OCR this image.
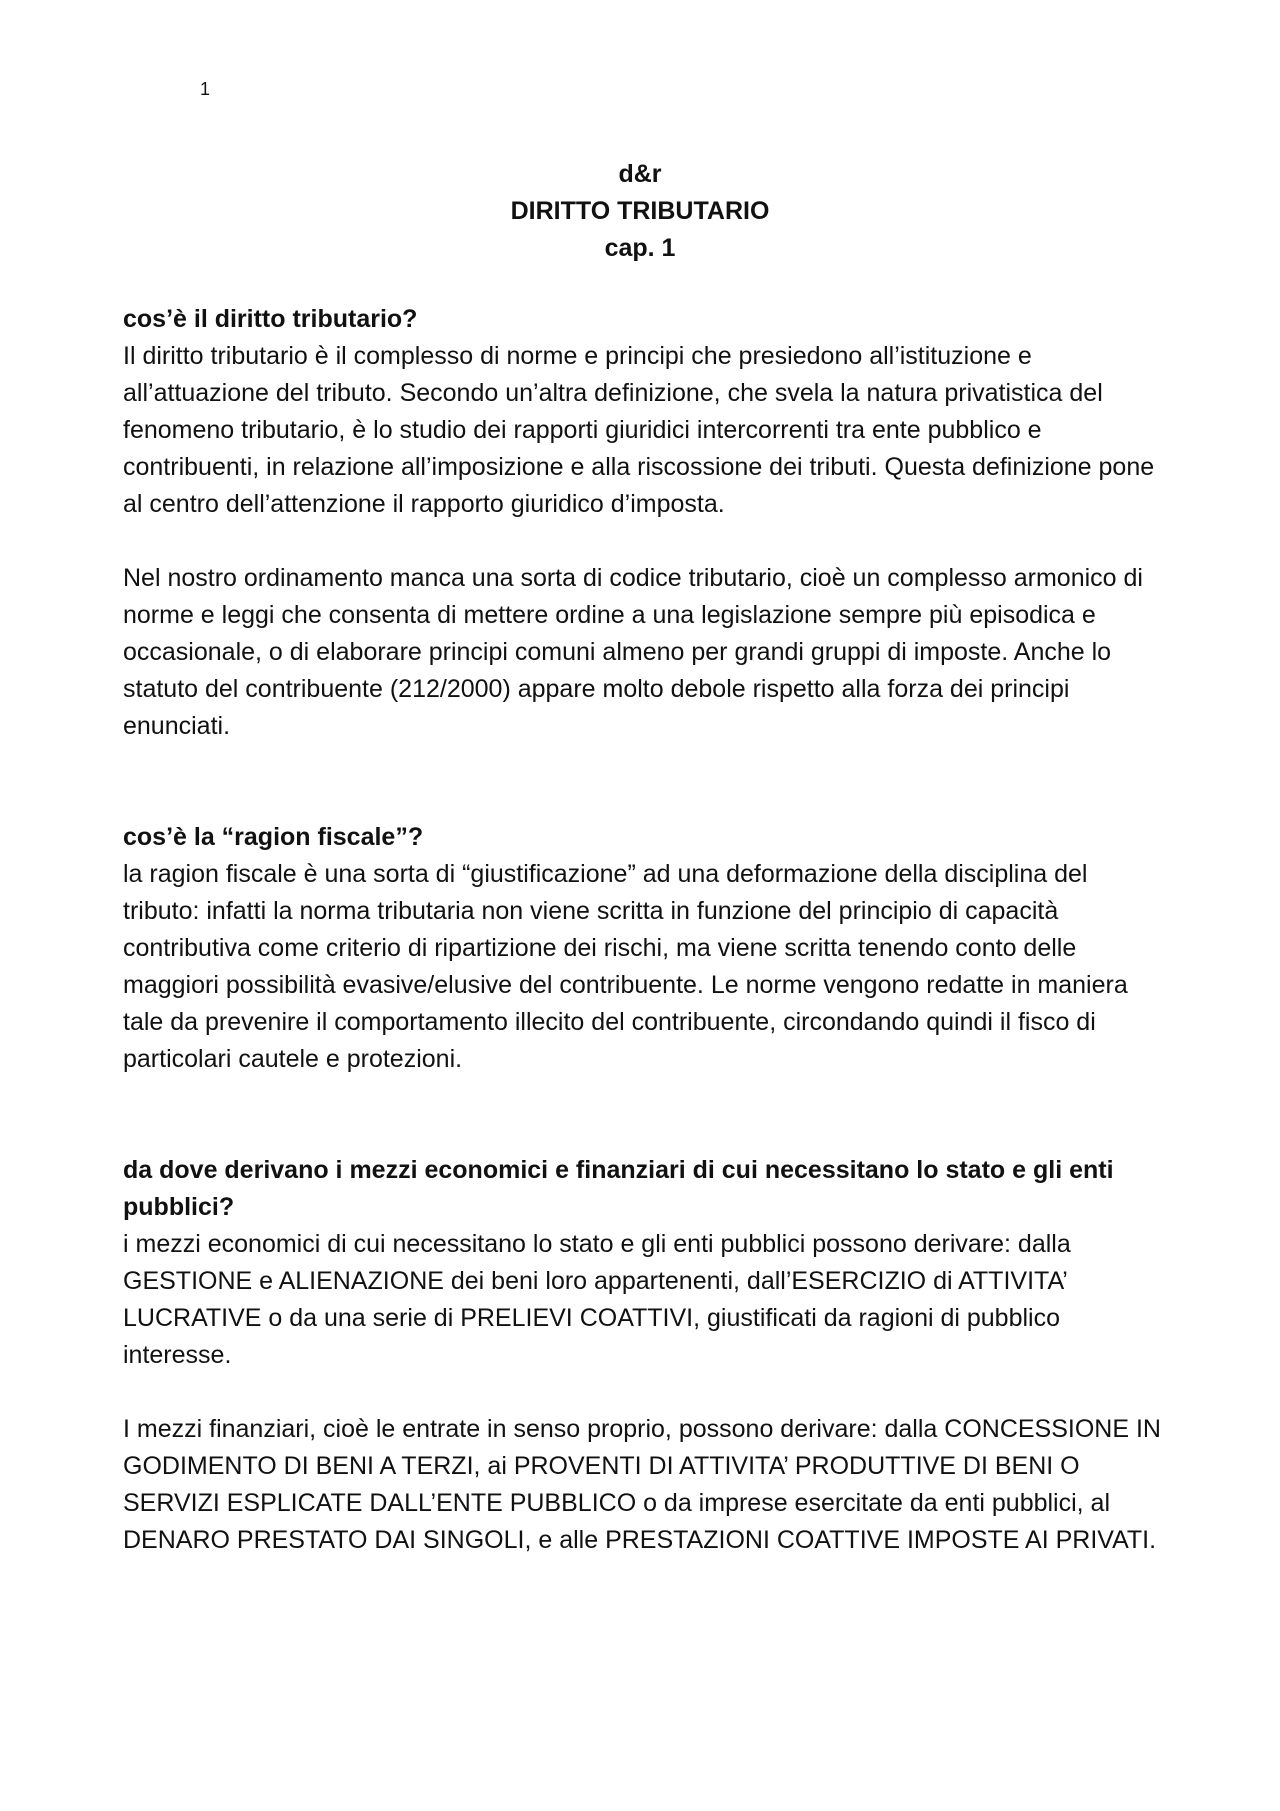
1
d&r
DIRITTO TRIBUTARIO
cap. 1

cos’è il diritto tributario?

Il diritto tributario è il complesso di norme e principi che presiedono all’istituzione e all’attuazione del tributo. Secondo un’altra definizione, che svela la natura privatistica del fenomeno tributario, è lo studio dei rapporti giuridici intercorrenti tra ente pubblico e contribuenti, in relazione all’imposizione e alla riscossione dei tributi. Questa definizione pone al centro dell’attenzione il rapporto giuridico d’imposta.

Nel nostro ordinamento manca una sorta di codice tributario, cioè un complesso armonico di norme e leggi che consenta di mettere ordine a una legislazione sempre più episodica e occasionale, o di elaborare principi comuni almeno per grandi gruppi di imposte. Anche lo statuto del contribuente (212/2000) appare molto debole rispetto alla forza dei principi enunciati.

cos’è la “ragion fiscale”?

la ragion fiscale è una sorta di “giustificazione” ad una deformazione della disciplina del tributo: infatti la norma tributaria non viene scritta in funzione del principio di capacità contributiva come criterio di ripartizione dei rischi, ma viene scritta tenendo conto delle maggiori possibilità evasive/elusive del contribuente. Le norme vengono redatte in maniera tale da prevenire il comportamento illecito del contribuente, circondando quindi il fisco di particolari cautele e protezioni.

da dove derivano i mezzi economici e finanziari di cui necessitano lo stato e gli enti pubblici?

i mezzi economici di cui necessitano lo stato e gli enti pubblici possono derivare: dalla GESTIONE e ALIENAZIONE dei beni loro appartenenti, dall’ESERCIZIO di ATTIVITA’ LUCRATIVE o da una serie di PRELIEVI COATTIVI, giustificati da ragioni di pubblico interesse.

I mezzi finanziari, cioè le entrate in senso proprio, possono derivare: dalla CONCESSIONE IN GODIMENTO DI BENI A TERZI, ai PROVENTI DI ATTIVITA’ PRODUTTIVE DI BENI O SERVIZI ESPLICATE DALL’ENTE PUBBLICO o da imprese esercitate da enti pubblici, al DENARO PRESTATO DAI SINGOLI, e alle PRESTAZIONI COATTIVE IMPOSTE AI PRIVATI.
